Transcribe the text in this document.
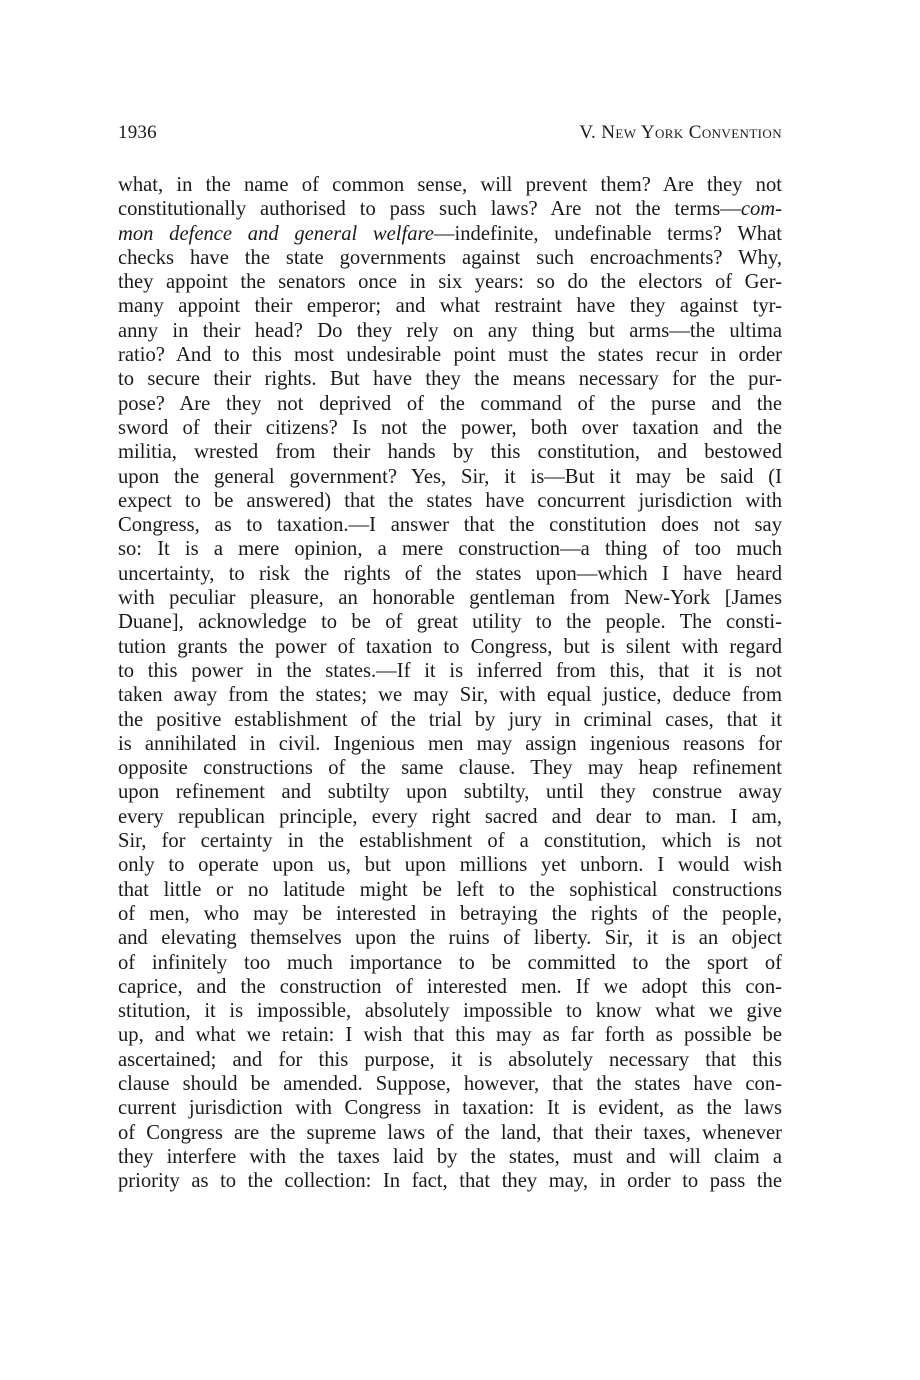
1936	V. New York Convention
what, in the name of common sense, will prevent them? Are they not
constitutionally authorised to pass such laws? Are not the terms—com-
mon defence and general welfare—indefinite, undefinable terms? What
checks have the state governments against such encroachments? Why,
they appoint the senators once in six years: so do the electors of Ger-
many appoint their emperor; and what restraint have they against tyr-
anny in their head? Do they rely on any thing but arms—the ultima
ratio? And to this most undesirable point must the states recur in order
to secure their rights. But have they the means necessary for the pur-
pose? Are they not deprived of the command of the purse and the
sword of their citizens? Is not the power, both over taxation and the
militia, wrested from their hands by this constitution, and bestowed
upon the general government? Yes, Sir, it is—But it may be said (I
expect to be answered) that the states have concurrent jurisdiction with
Congress, as to taxation.—I answer that the constitution does not say
so: It is a mere opinion, a mere construction—a thing of too much
uncertainty, to risk the rights of the states upon—which I have heard
with peculiar pleasure, an honorable gentleman from New-York [James
Duane], acknowledge to be of great utility to the people. The consti-
tution grants the power of taxation to Congress, but is silent with regard
to this power in the states.—If it is inferred from this, that it is not
taken away from the states; we may Sir, with equal justice, deduce from
the positive establishment of the trial by jury in criminal cases, that it
is annihilated in civil. Ingenious men may assign ingenious reasons for
opposite constructions of the same clause. They may heap refinement
upon refinement and subtilty upon subtilty, until they construe away
every republican principle, every right sacred and dear to man. I am,
Sir, for certainty in the establishment of a constitution, which is not
only to operate upon us, but upon millions yet unborn. I would wish
that little or no latitude might be left to the sophistical constructions
of men, who may be interested in betraying the rights of the people,
and elevating themselves upon the ruins of liberty. Sir, it is an object
of infinitely too much importance to be committed to the sport of
caprice, and the construction of interested men. If we adopt this con-
stitution, it is impossible, absolutely impossible to know what we give
up, and what we retain: I wish that this may as far forth as possible be
ascertained; and for this purpose, it is absolutely necessary that this
clause should be amended. Suppose, however, that the states have con-
current jurisdiction with Congress in taxation: It is evident, as the laws
of Congress are the supreme laws of the land, that their taxes, whenever
they interfere with the taxes laid by the states, must and will claim a
priority as to the collection: In fact, that they may, in order to pass the
